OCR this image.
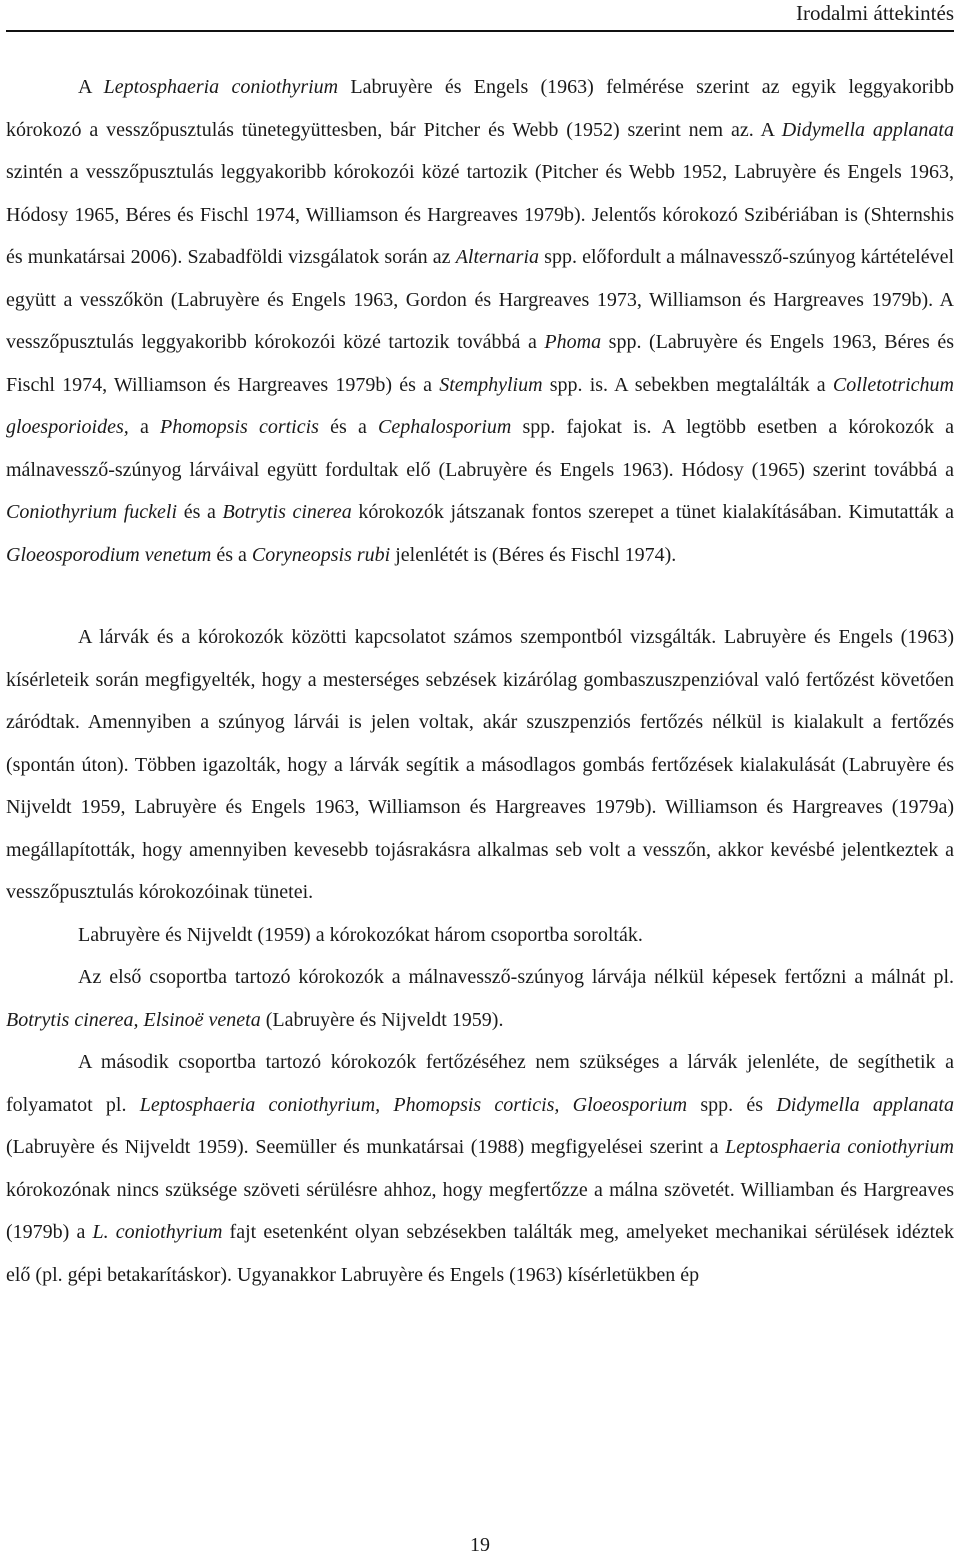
Irodalmi áttekintés

A Leptosphaeria coniothyrium Labruyère és Engels (1963) felmérése szerint az egyik leggyakoribb kórokozó a vesszőpusztulás tünetegyüttesben, bár Pitcher és Webb (1952) szerint nem az. A Didymella applanata szintén a vesszőpusztulás leggyakoribb kórokozói közé tartozik (Pitcher és Webb 1952, Labruyère és Engels 1963, Hódosy 1965, Béres és Fischl 1974, Williamson és Hargreaves 1979b). Jelentős kórokozó Szibériában is (Shternshis és munkatársai 2006). Szabadföldi vizsgálatok során az Alternaria spp. előfordult a málnavessző-szúnyog kártételével együtt a vesszőkön (Labruyère és Engels 1963, Gordon és Hargreaves 1973, Williamson és Hargreaves 1979b). A vesszőpusztulás leggyakoribb kórokozói közé tartozik továbbá a Phoma spp. (Labruyère és Engels 1963, Béres és Fischl 1974, Williamson és Hargreaves 1979b) és a Stemphylium spp. is. A sebekben megtalálták a Colletotrichum gloesporioides, a Phomopsis corticis és a Cephalosporium spp. fajokat is. A legtöbb esetben a kórokozók a málnavessző-szúnyog lárváival együtt fordultak elő (Labruyère és Engels 1963). Hódosy (1965) szerint továbbá a Coniothyrium fuckeli és a Botrytis cinerea kórokozók játszanak fontos szerepet a tünet kialakításában. Kimutatták a Gloeosporodium venetum és a Coryneopsis rubi jelenlétét is (Béres és Fischl 1974).

A lárvák és a kórokozók közötti kapcsolatot számos szempontból vizsgálták. Labruyère és Engels (1963) kísérleteik során megfigyelték, hogy a mesterséges sebzések kizárólag gombaszuszpenzióval való fertőzést követően záródtak. Amennyiben a szúnyog lárvái is jelen voltak, akár szuszpenziós fertőzés nélkül is kialakult a fertőzés (spontán úton). Többen igazolták, hogy a lárvák segítik a másodlagos gombás fertőzések kialakulását (Labruyère és Nijveldt 1959, Labruyère és Engels 1963, Williamson és Hargreaves 1979b). Williamson és Hargreaves (1979a) megállapították, hogy amennyiben kevesebb tojásrakásra alkalmas seb volt a vesszőn, akkor kevésbé jelentkeztek a vesszőpusztulás kórokozóinak tünetei.

Labruyère és Nijveldt (1959) a kórokozókat három csoportba sorolták.

Az első csoportba tartozó kórokozók a málnavessző-szúnyog lárvája nélkül képesek fertőzni a málnát pl. Botrytis cinerea, Elsinoë veneta (Labruyère és Nijveldt 1959).

A második csoportba tartozó kórokozók fertőzéséhez nem szükséges a lárvák jelenléte, de segíthetik a folyamatot pl. Leptosphaeria coniothyrium, Phomopsis corticis, Gloeosporium spp. és Didymella applanata (Labruyère és Nijveldt 1959). Seemüller és munkatársai (1988) megfigyelései szerint a Leptosphaeria coniothyrium kórokozónak nincs szüksége szöveti sérülésre ahhoz, hogy megfertőzze a málna szövetét. Williamban és Hargreaves (1979b) a L. coniothyrium fajt esetenként olyan sebzésekben találták meg, amelyeket mechanikai sérülések idéztek elő (pl. gépi betakarításkor). Ugyanakkor Labruyère és Engels (1963) kísérletükben ép

19
